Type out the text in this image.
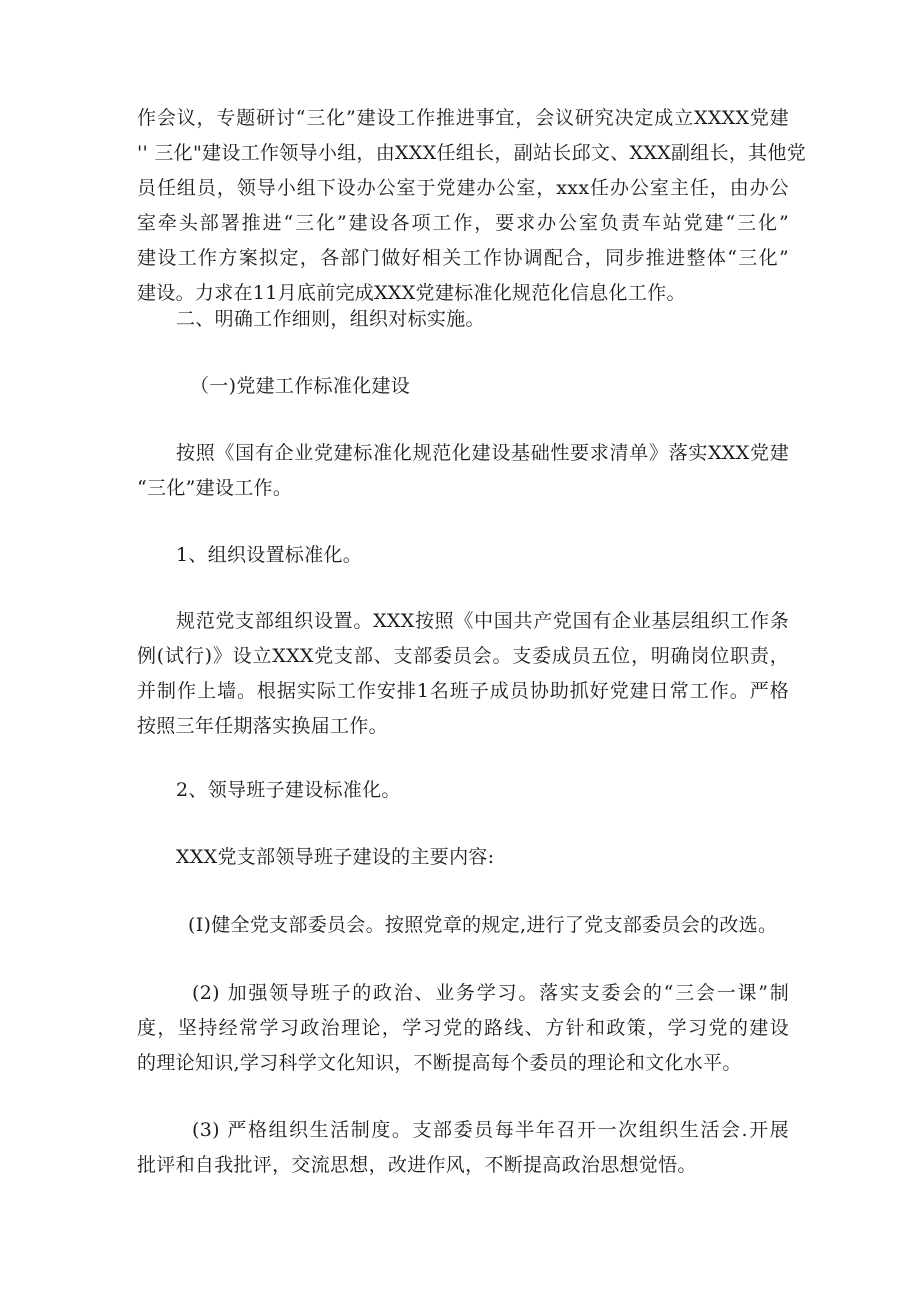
作会议，专题研讨“三化”建设工作推进事宜，会议研究决定成立XXXX党建
'' 三化"建设工作领导小组，由XXX任组长，副站长邱文、XXX副组长，其他党
员任组员，领导小组下设办公室于党建办公室，xxx任办公室主任，由办公
室牵头部署推进“三化”建设各项工作，要求办公室负责车站党建“三化”
建设工作方案拟定，各部门做好相关工作协调配合，同步推进整体“三化”
建设。力求在11月底前完成XXX党建标准化规范化信息化工作。
二、明确工作细则，组织对标实施。
（一)党建工作标准化建设
按照《国有企业党建标准化规范化建设基础性要求清单》落实XXX党建
“三化”建设工作。
1、组织设置标准化。
规范党支部组织设置。XXX按照《中国共产党国有企业基层组织工作条
例(试行)》设立XXX党支部、支部委员会。支委成员五位，明确岗位职责，
并制作上墙。根据实际工作安排1名班子成员协助抓好党建日常工作。严格
按照三年任期落实换届工作。
2、领导班子建设标准化。
XXX党支部领导班子建设的主要内容:
(I)健全党支部委员会。按照党章的规定,进行了党支部委员会的改选。
(2) 加强领导班子的政治、业务学习。落实支委会的“三会一课”制
度，坚持经常学习政治理论，学习党的路线、方针和政策，学习党的建设
的理论知识,学习科学文化知识，不断提高每个委员的理论和文化水平。
(3) 严格组织生活制度。支部委员每半年召开一次组织生活会.开展
批评和自我批评，交流思想，改进作风，不断提高政治思想觉悟。
